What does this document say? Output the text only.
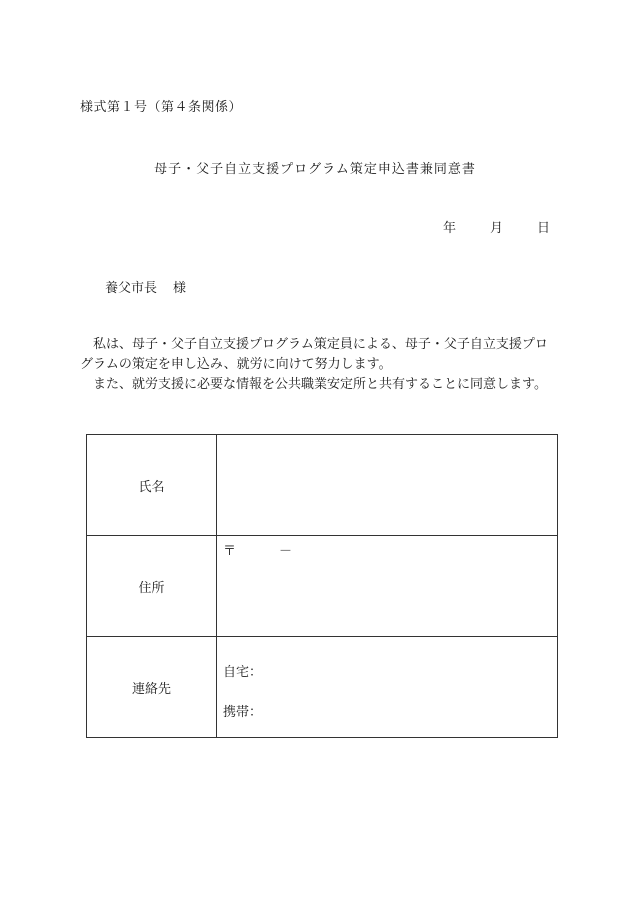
様式第１号（第４条関係）
母子・父子自立支援プログラム策定申込書兼同意書
年	月	日
養父市長 様

私は、母子・父子自立支援プログラム策定員による、母子・父子自立支援プログラムの策定を申し込み、就労に向けて努力します。

また、就労支援に必要な情報を公共職業安定所と共有することに同意します。

氏名	
住所	〒 －

連絡先	自宅：
携帯：
